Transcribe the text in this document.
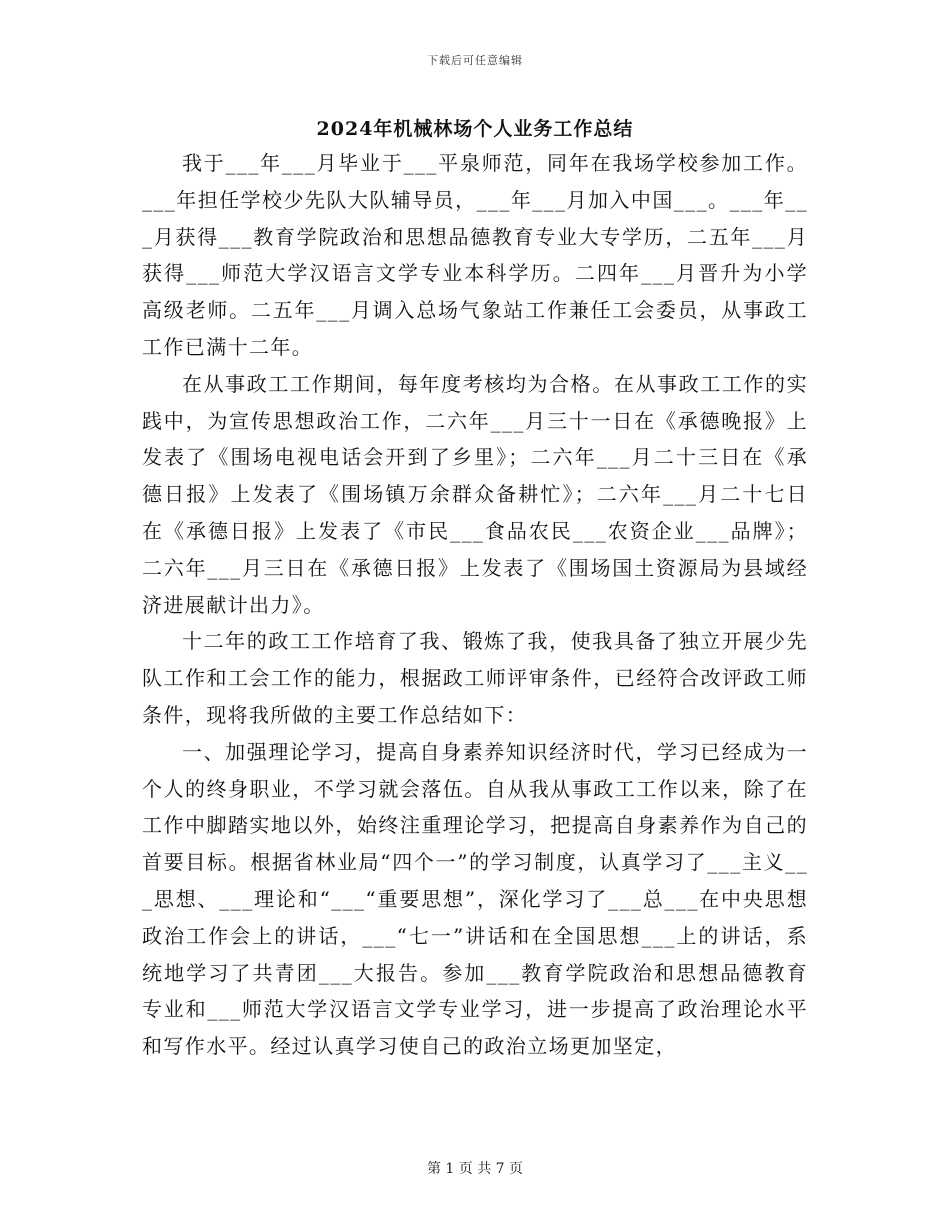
下载后可任意编辑
2024年机械林场个人业务工作总结

我于___年___月毕业于___平泉师范，同年在我场学校参加工作。___年担任学校少先队大队辅导员，___年___月加入中国___。___年___月获得___教育学院政治和思想品德教育专业大专学历，二五年___月获得___师范大学汉语言文学专业本科学历。二四年___月晋升为小学高级老师。二五年___月调入总场气象站工作兼任工会委员，从事政工工作已满十二年。

在从事政工工作期间，每年度考核均为合格。在从事政工工作的实践中，为宣传思想政治工作，二六年___月三十一日在《承德晚报》上发表了《围场电视电话会开到了乡里》；二六年___月二十三日在《承德日报》上发表了《围场镇万余群众备耕忙》；二六年___月二十七日在《承德日报》上发表了《市民___食品农民___农资企业___品牌》；二六年___月三日在《承德日报》上发表了《围场国土资源局为县域经济进展献计出力》。

十二年的政工工作培育了我、锻炼了我，使我具备了独立开展少先队工作和工会工作的能力，根据政工师评审条件，已经符合改评政工师条件，现将我所做的主要工作总结如下：

一、加强理论学习，提高自身素养知识经济时代，学习已经成为一个人的终身职业，不学习就会落伍。自从我从事政工工作以来，除了在工作中脚踏实地以外，始终注重理论学习，把提高自身素养作为自己的首要目标。根据省林业局“四个一”的学习制度，认真学习了___主义___思想、___理论和“___“重要思想”，深化学习了___总___在中央思想政治工作会上的讲话，___“七一”讲话和在全国思想___上的讲话，系统地学习了共青团___大报告。参加___教育学院政治和思想品德教育专业和___师范大学汉语言文学专业学习，进一步提高了政治理论水平和写作水平。经过认真学习使自己的政治立场更加坚定，

第 1 页 共 7 页
